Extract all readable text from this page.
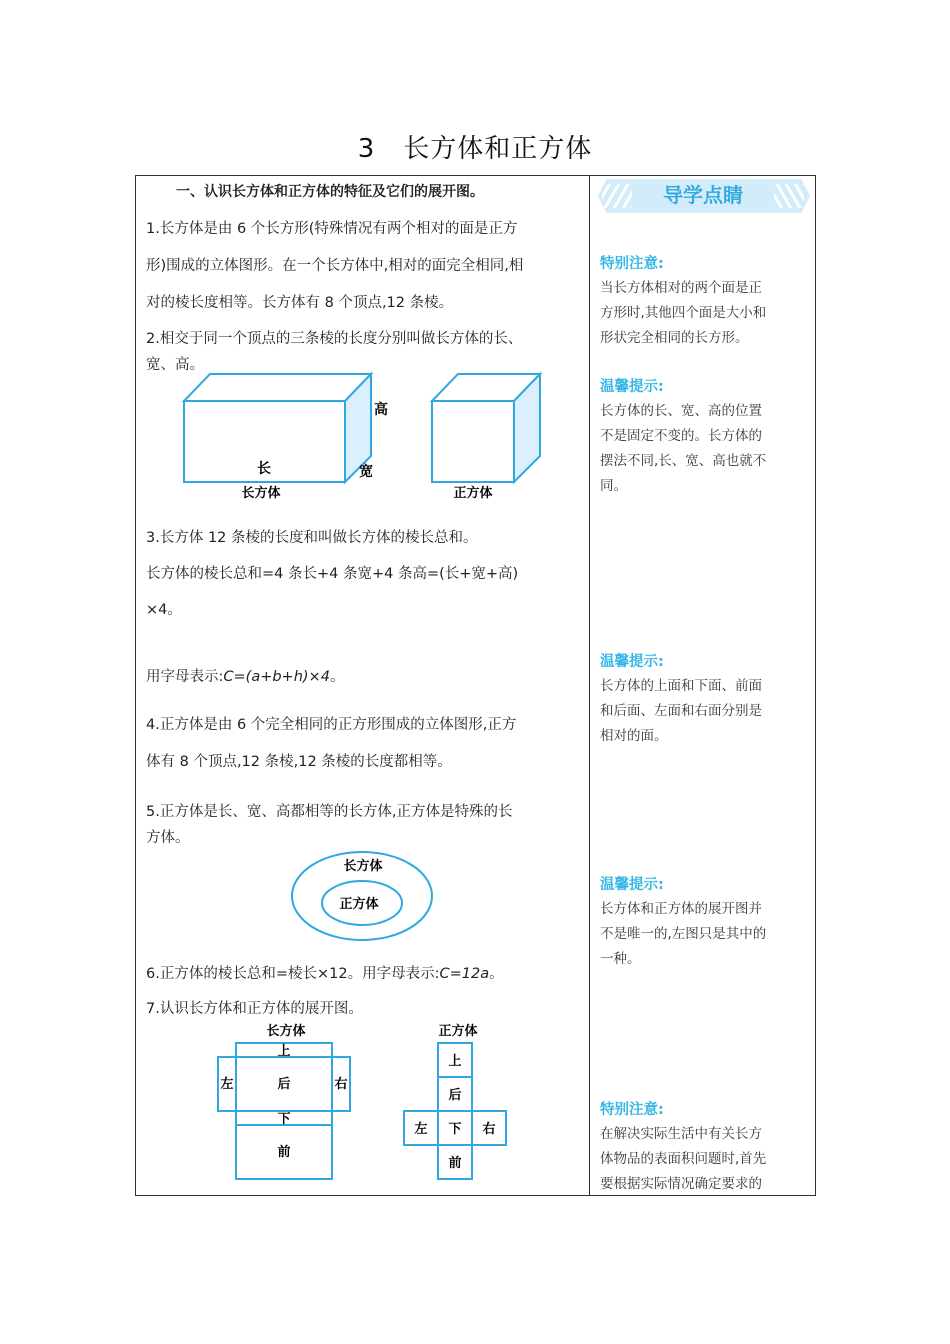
3 长方体和正方体
一、认识长方体和正方体的特征及它们的展开图。
1.长方体是由 6 个长方形(特殊情况有两个相对的面是正方
形)围成的立体图形。在一个长方体中,相对的面完全相同,相
对的棱长度相等。长方体有 8 个顶点,12 条棱。
2.相交于同一个顶点的三条棱的长度分别叫做长方体的长、
宽、高。
长
高
宽
长方体	正方体
3.长方体 12 条棱的长度和叫做长方体的棱长总和。
长方体的棱长总和=4 条长+4 条宽+4 条高=(长+宽+高)
×4。
用字母表示:C=(a+b+h)×4。
4.正方体是由 6 个完全相同的正方形围成的立体图形,正方
体有 8 个顶点,12 条棱,12 条棱的长度都相等。
5.正方体是长、宽、高都相等的长方体,正方体是特殊的长
方体。
长方体
正方体
6.正方体的棱长总和=棱长×12。用字母表示:C=12a。
7.认识长方体和正方体的展开图。
长方体
上
后
左	右
下
前
正方体
上
后
左 下 右
前
导学点睛
特别注意:
当长方体相对的两个面是正
方形时,其他四个面是大小和
形状完全相同的长方形。
温馨提示:
长方体的长、宽、高的位置
不是固定不变的。长方体的
摆法不同,长、宽、高也就不
同。
温馨提示:
长方体的上面和下面、前面
和后面、左面和右面分别是
相对的面。
温馨提示:
长方体和正方体的展开图并
不是唯一的,左图只是其中的
一种。
特别注意:
在解决实际生活中有关长方
体物品的表面积问题时,首先
要根据实际情况确定要求的
